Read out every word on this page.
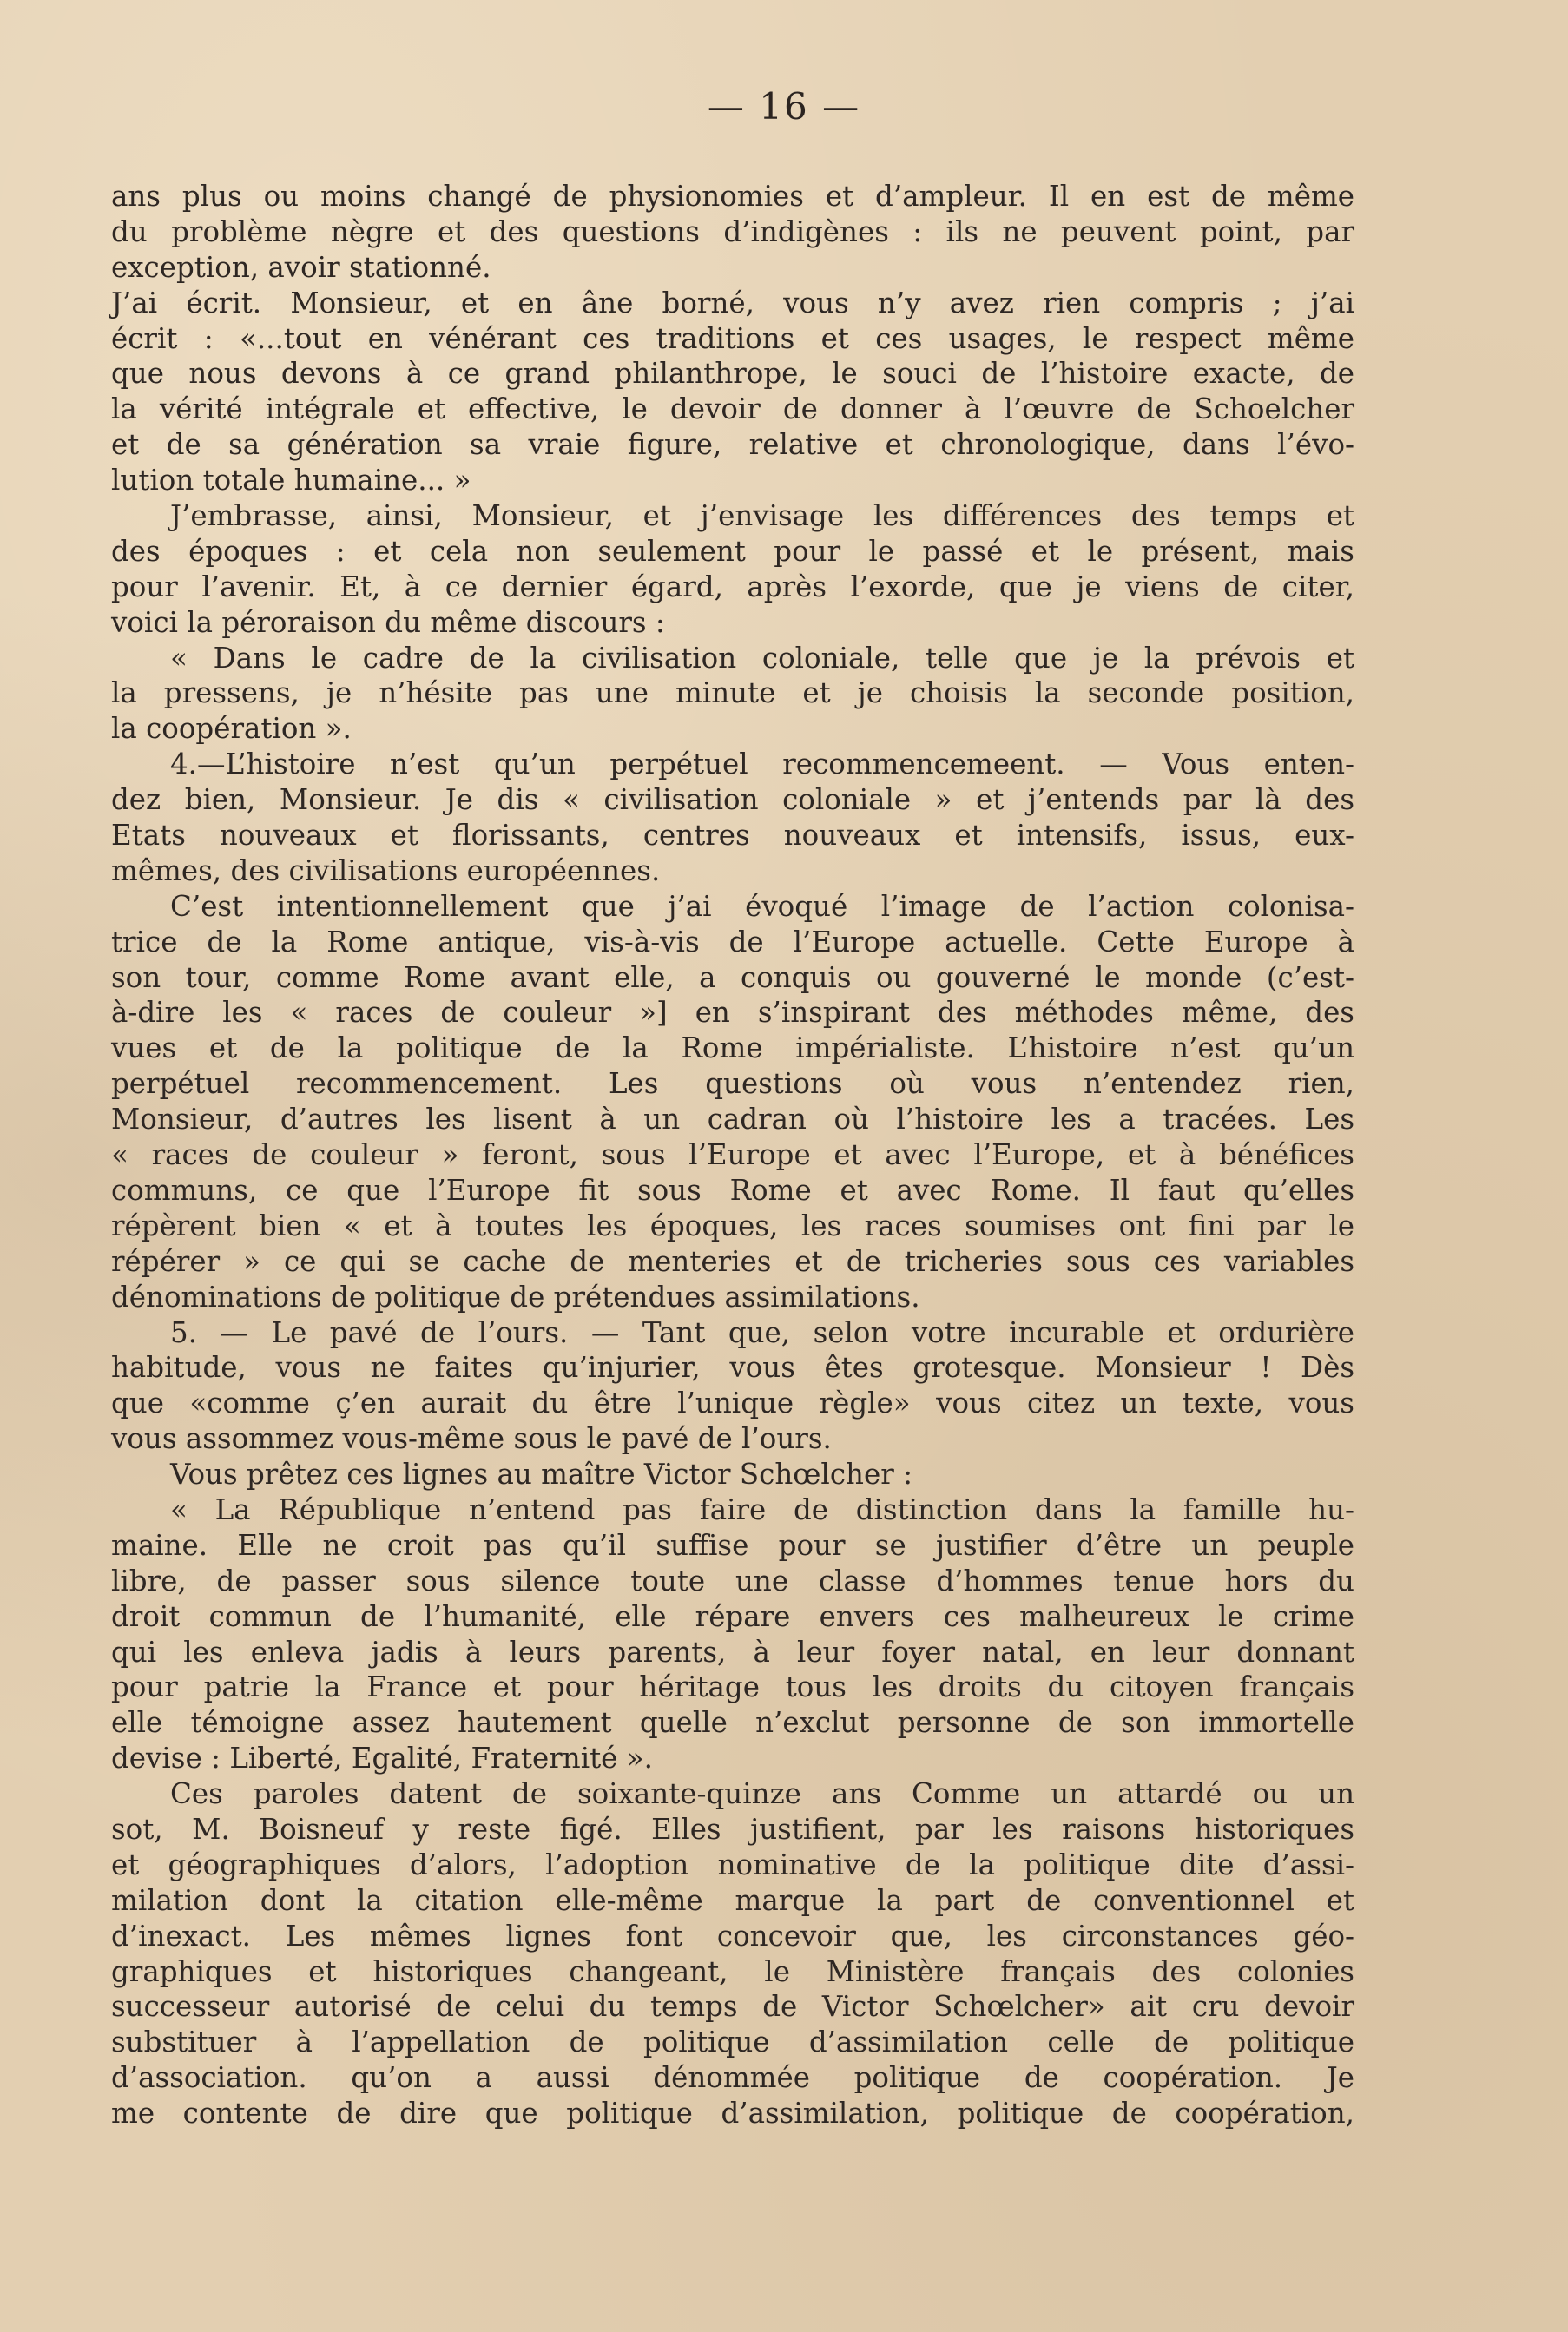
— 16 —
ans plus ou moins changé de physionomies et d’ampleur. Il en est de même
du problème nègre et des questions d’indigènes : ils ne peuvent point, par
exception, avoir stationné.
J’ai écrit. Monsieur, et en âne borné, vous n’y avez rien compris ; j’ai
écrit : «...tout en vénérant ces traditions et ces usages, le respect même
que nous devons à ce grand philanthrope, le souci de l’histoire exacte, de
la vérité intégrale et effective, le devoir de donner à l’œuvre de Schoelcher
et de sa génération sa vraie figure, relative et chronologique, dans l’évo-
lution totale humaine... »
J’embrasse, ainsi, Monsieur, et j’envisage les différences des temps et
des époques : et cela non seulement pour le passé et le présent, mais
pour l’avenir. Et, à ce dernier égard, après l’exorde, que je viens de citer,
voici la péroraison du même discours :
« Dans le cadre de la civilisation coloniale, telle que je la prévois et
la pressens, je n’hésite pas une minute et je choisis la seconde position,
la coopération ».
4.—L’histoire n’est qu’un perpétuel recommencemeent. — Vous enten-
dez bien, Monsieur. Je dis « civilisation coloniale » et j’entends par là des
Etats nouveaux et florissants, centres nouveaux et intensifs, issus, eux-
mêmes, des civilisations européennes.
C’est intentionnellement que j’ai évoqué l’image de l’action colonisa-
trice de la Rome antique, vis-à-vis de l’Europe actuelle. Cette Europe à
son tour, comme Rome avant elle, a conquis ou gouverné le monde (c’est-
à-dire les « races de couleur »] en s’inspirant des méthodes même, des
vues et de la politique de la Rome impérialiste. L’histoire n’est qu’un
perpétuel recommencement. Les questions où vous n’entendez rien,
Monsieur, d’autres les lisent à un cadran où l’histoire les a tracées. Les
« races de couleur » feront, sous l’Europe et avec l’Europe, et à bénéfices
communs, ce que l’Europe fit sous Rome et avec Rome. Il faut qu’elles
répèrent bien « et à toutes les époques, les races soumises ont fini par le
répérer » ce qui se cache de menteries et de tricheries sous ces variables
dénominations de politique de prétendues assimilations.
5. — Le pavé de l’ours. — Tant que, selon votre incurable et ordurière
habitude, vous ne faites qu’injurier, vous êtes grotesque. Monsieur ! Dès
que «comme ç’en aurait du être l’unique règle» vous citez un texte, vous
vous assommez vous-même sous le pavé de l’ours.
Vous prêtez ces lignes au maître Victor Schœlcher :
« La République n’entend pas faire de distinction dans la famille hu-
maine. Elle ne croit pas qu’il suffise pour se justifier d’être un peuple
libre, de passer sous silence toute une classe d’hommes tenue hors du
droit commun de l’humanité, elle répare envers ces malheureux le crime
qui les enleva jadis à leurs parents, à leur foyer natal, en leur donnant
pour patrie la France et pour héritage tous les droits du citoyen français
elle témoigne assez hautement quelle n’exclut personne de son immortelle
devise : Liberté, Egalité, Fraternité ».
Ces paroles datent de soixante-quinze ans Comme un attardé ou un
sot, M. Boisneuf y reste figé. Elles justifient, par les raisons historiques
et géographiques d’alors, l’adoption nominative de la politique dite d’assi-
milation dont la citation elle-même marque la part de conventionnel et
d’inexact. Les mêmes lignes font concevoir que, les circonstances géo-
graphiques et historiques changeant, le Ministère français des colonies
successeur autorisé de celui du temps de Victor Schœlcher» ait cru devoir
substituer à l’appellation de politique d’assimilation celle de politique
d’association. qu’on a aussi dénommée politique de coopération. Je
me contente de dire que politique d’assimilation, politique de coopération,
